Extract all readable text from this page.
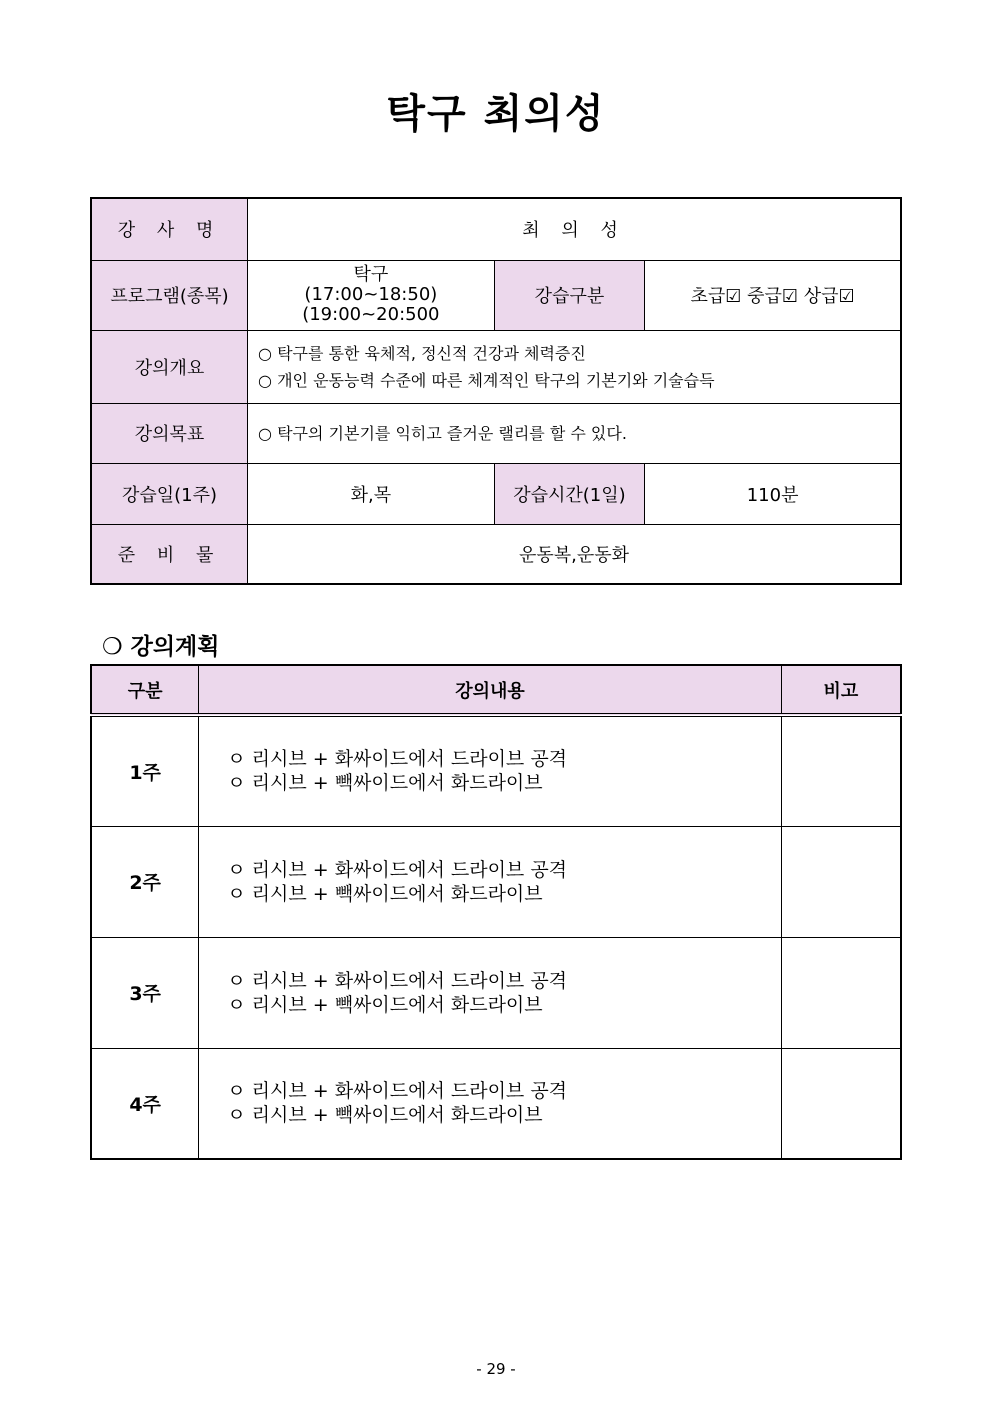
탁구 최의성
강 사 명	최 의 성		
프로그램(종목)	탁구
(17:00~18:50)
(19:00~20:500	강습구분	초급☑ 중급☑ 상급☑
강의개요	○ 탁구를 통한 육체적, 정신적 건강과 체력증진
○ 개인 운동능력 수준에 따른 체계적인 탁구의 기본기와 기술습득		

강의목표	○ 탁구의 기본기를 익히고 즐거운 랠리를 할 수 있다.		
강습일(1주)	화,목	강습시간(1일)	110분
준 비 물	운동복,운동화		
❍ 강의계획
구분	강의내용	비고
1주	ㅇ 리시브 + 화싸이드에서 드라이브 공격
ㅇ 리시브 + 빽싸이드에서 화드라이브	

2주	ㅇ 리시브 + 화싸이드에서 드라이브 공격
ㅇ 리시브 + 빽싸이드에서 화드라이브	

3주	ㅇ 리시브 + 화싸이드에서 드라이브 공격
ㅇ 리시브 + 빽싸이드에서 화드라이브	

4주	ㅇ 리시브 + 화싸이드에서 드라이브 공격
ㅇ 리시브 + 빽싸이드에서 화드라이브	

- 29 -
